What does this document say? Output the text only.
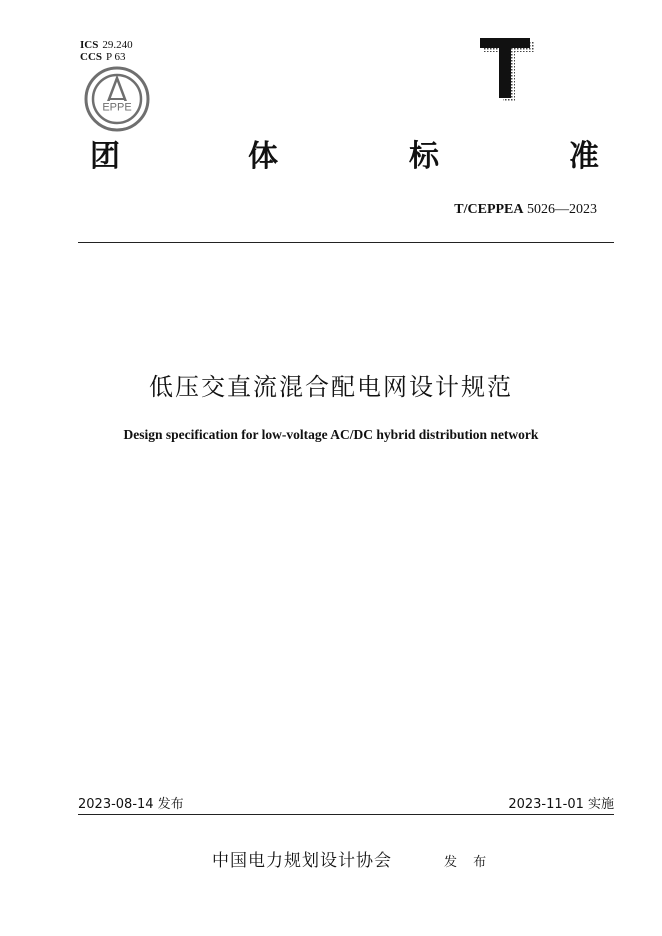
ICS 29.240
CCS P 63
EPPE
T
团	体	标	准
T/CEPPEA 5026—2023
低压交直流混合配电网设计规范
Design specification for low-voltage AC/DC hybrid distribution network
2023-08-14 发布	2023-11-01 实施
中国电力规划设计协会	发 布
